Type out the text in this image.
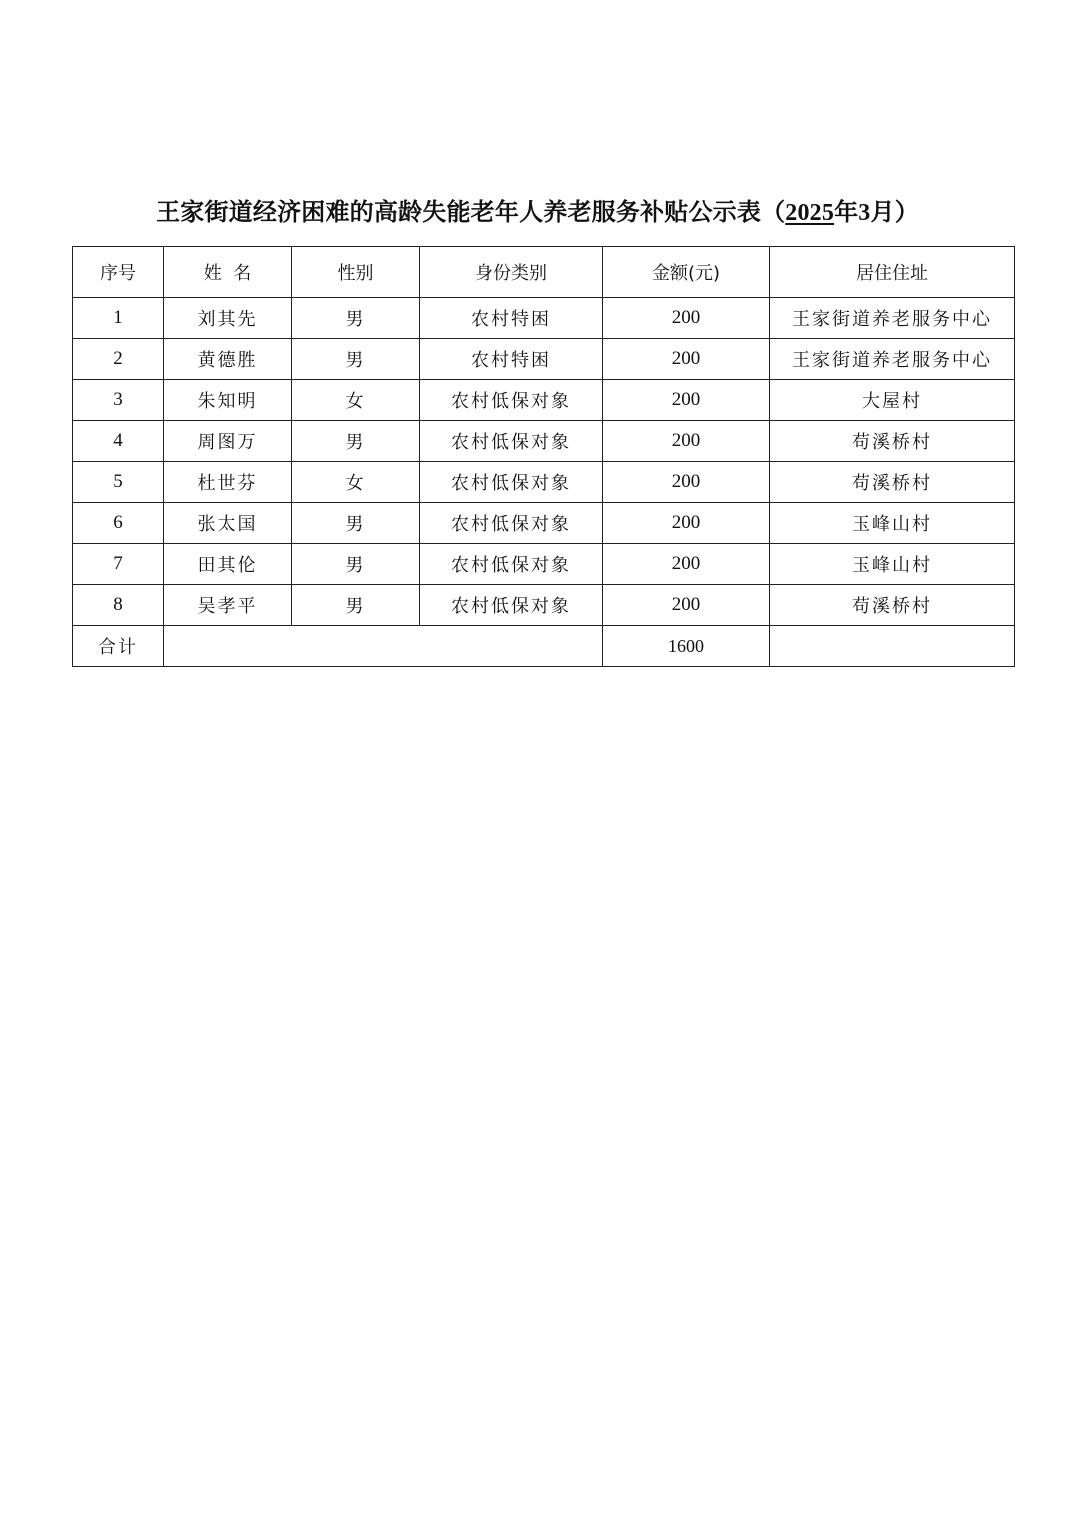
王家街道经济困难的高龄失能老年人养老服务补贴公示表（2025年3月）
序号	姓  名	性别	身份类别	金额(元)	居住住址
1	刘其先	男	农村特困	200	王家街道养老服务中心
2	黄德胜	男	农村特困	200	王家街道养老服务中心
3	朱知明	女	农村低保对象	200	大屋村
4	周图万	男	农村低保对象	200	苟溪桥村
5	杜世芬	女	农村低保对象	200	苟溪桥村
6	张太国	男	农村低保对象	200	玉峰山村
7	田其伦	男	农村低保对象	200	玉峰山村
8	吴孝平	男	农村低保对象	200	苟溪桥村
合计				1600	
